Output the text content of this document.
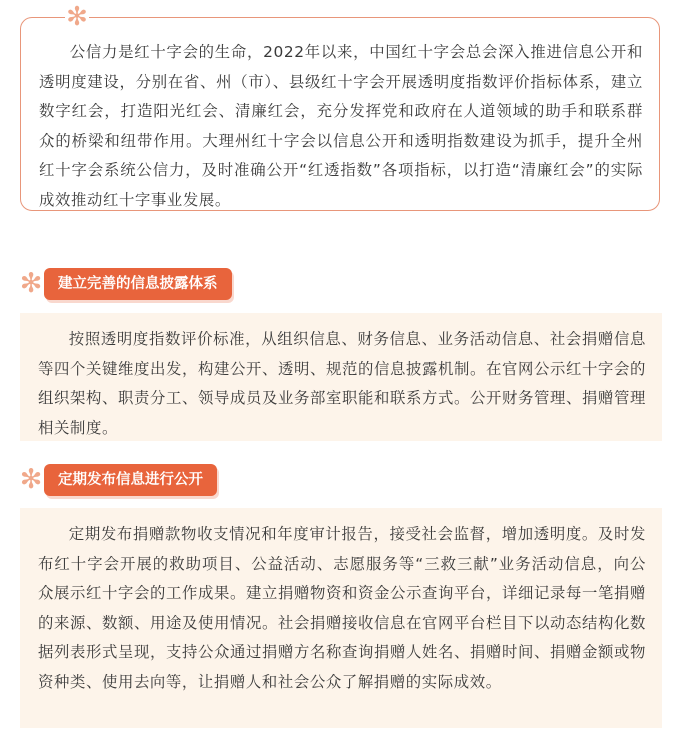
✻

公信力是红十字会的生命，2022年以来，中国红十字会总会深入推进信息公开和透明度建设，分别在省、州（市）、县级红十字会开展透明度指数评价指标体系，建立数字红会，打造阳光红会、清廉红会，充分发挥党和政府在人道领域的助手和联系群众的桥梁和纽带作用。大理州红十字会以信息公开和透明指数建设为抓手，提升全州红十字会系统公信力，及时准确公开“红透指数”各项指标，以打造“清廉红会”的实际成效推动红十字事业发展。

✻	建立完善的信息披露体系

按照透明度指数评价标准，从组织信息、财务信息、业务活动信息、社会捐赠信息等四个关键维度出发，构建公开、透明、规范的信息披露机制。在官网公示红十字会的组织架构、职责分工、领导成员及业务部室职能和联系方式。公开财务管理、捐赠管理相关制度。

✻	定期发布信息进行公开

定期发布捐赠款物收支情况和年度审计报告，接受社会监督，增加透明度。及时发布红十字会开展的救助项目、公益活动、志愿服务等“三救三献”业务活动信息，向公众展示红十字会的工作成果。建立捐赠物资和资金公示查询平台，详细记录每一笔捐赠的来源、数额、用途及使用情况。社会捐赠接收信息在官网平台栏目下以动态结构化数据列表形式呈现，支持公众通过捐赠方名称查询捐赠人姓名、捐赠时间、捐赠金额或物资种类、使用去向等，让捐赠人和社会公众了解捐赠的实际成效。
